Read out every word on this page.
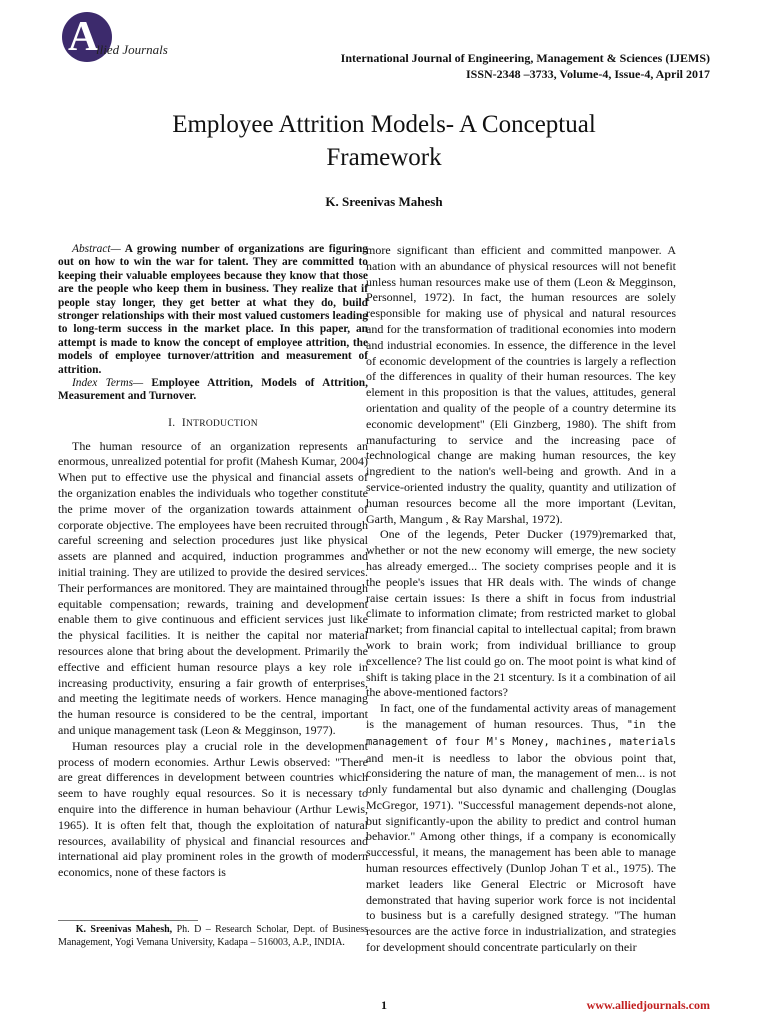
A
llied Journals
International Journal of Engineering, Management & Sciences (IJEMS)
ISSN-2348 –3733, Volume-4, Issue-4, April 2017
Employee Attrition Models- A Conceptual Framework
K. Sreenivas Mahesh

Abstract— A growing number of organizations are figuring out on how to win the war for talent. They are committed to keeping their valuable employees because they know that those are the people who keep them in business. They realize that if people stay longer, they get better at what they do, build stronger relationships with their most valued customers leading to long-term success in the market place. In this paper, an attempt is made to know the concept of employee attrition, the models of employee turnover/attrition and measurement of attrition.

Index Terms— Employee Attrition, Models of Attrition, Measurement and Turnover.

I. INTRODUCTION

The human resource of an organization represents an enormous, unrealized potential for profit (Mahesh Kumar, 2004) When put to effective use the physical and financial assets of the organization enables the individuals who together constitute the prime mover of the organization towards attainment of corporate objective. The employees have been recruited through careful screening and selection procedures just like physical assets are planned and acquired, induction programmes and initial training. They are utilized to provide the desired services. Their performances are monitored. They are maintained through equitable compensation; rewards, training and development enable them to give continuous and efficient services just like the physical facilities. It is neither the capital nor material resources alone that bring about the development. Primarily the effective and efficient human resource plays a key role in increasing productivity, ensuring a fair growth of enterprises, and meeting the legitimate needs of workers. Hence managing the human resource is considered to be the central, important and unique management task (Leon & Megginson, 1977).

Human resources play a crucial role in the development process of modern economies. Arthur Lewis observed: "There are great differences in development between countries which seem to have roughly equal resources. So it is necessary to enquire into the difference in human behaviour (Arthur Lewis, 1965). It is often felt that, though the exploitation of natural resources, availability of physical and financial resources and international aid play prominent roles in the growth of modern economics, none of these factors is

more significant than efficient and committed manpower. A nation with an abundance of physical resources will not benefit unless human resources make use of them (Leon & Megginson, Personnel, 1972). In fact, the human resources are solely responsible for making use of physical and natural resources and for the transformation of traditional economies into modern and industrial economies. In essence, the difference in the level of economic development of the countries is largely a reflection of the differences in quality of their human resources. The key element in this proposition is that the values, attitudes, general orientation and quality of the people of a country determine its economic development" (Eli Ginzberg, 1980). The shift from manufacturing to service and the increasing pace of technological change are making human resources, the key ingredient to the nation's well-being and growth. And in a service-oriented industry the quality, quantity and utilization of human resources become all the more important (Levitan, Garth, Mangum , & Ray Marshal, 1972).

One of the legends, Peter Ducker (1979)remarked that, whether or not the new economy will emerge, the new society has already emerged... The society comprises people and it is the people's issues that HR deals with. The winds of change raise certain issues: Is there a shift in focus from industrial climate to information climate; from restricted market to global market; from financial capital to intellectual capital; from brawn work to brain work; from individual brilliance to group excellence? The list could go on. The moot point is what kind of shift is taking place in the 21 stcentury. Is it a combination of ail the above-mentioned factors?

In fact, one of the fundamental activity areas of management is the management of human resources. Thus, "in the management of four M's Money, machines, materials and men-it is needless to labor the obvious point that, considering the nature of man, the management of men... is not only fundamental but also dynamic and challenging (Douglas McGregor, 1971). "Successful management depends-not alone, but significantly-upon the ability to predict and control human behavior." Among other things, if a company is economically successful, it means, the management has been able to manage human resources effectively (Dunlop Johan T et al., 1975). The market leaders like General Electric or Microsoft have demonstrated that having superior work force is not incidental to business but is a carefully designed strategy. "The human resources are the active force in industrialization, and strategies for development should concentrate particularly on their

K. Sreenivas Mahesh, Ph. D – Research Scholar, Dept. of Business Management, Yogi Vemana University, Kadapa – 516003, A.P., INDIA.
1	www.alliedjournals.com
